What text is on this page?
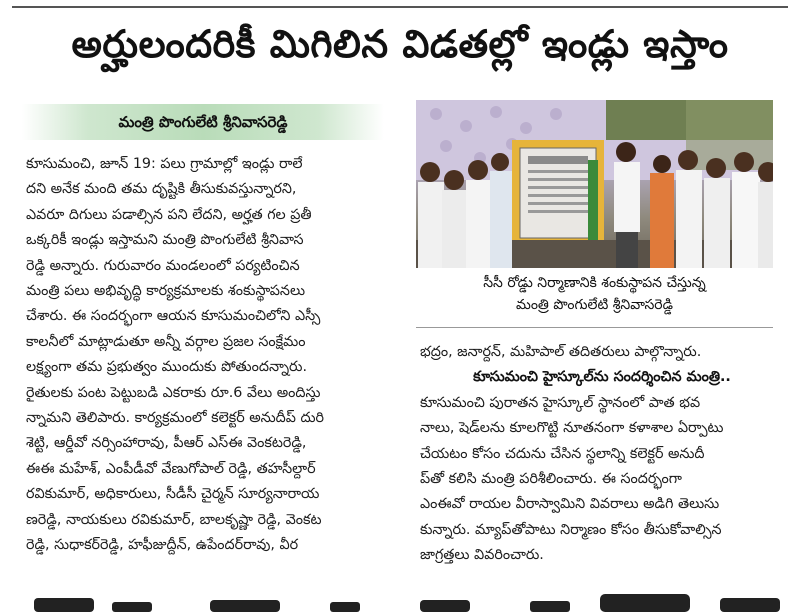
అర్హులందరికీ మిగిలిన విడతల్లో ఇండ్లు ఇస్తాం
మంత్రి పొంగులేటి శ్రీనివాసరెడ్డి

కూసుమంచి, జూన్ 19: పలు గ్రామాల్లో ఇండ్లు రాలే

దని అనేక మంది తమ దృష్టికి తీసుకువస్తున్నారని,

ఎవరూ దిగులు పడాల్సిన పని లేదని, అర్హత గల ప్రతీ

ఒక్కరికీ ఇండ్లు ఇస్తామని మంత్రి పొంగులేటి శ్రీనివాస

రెడ్డి అన్నారు. గురువారం మండలంలో పర్యటించిన

మంత్రి పలు అభివృద్ధి కార్యక్రమాలకు శంకుస్థాపనలు

చేశారు. ఈ సందర్భంగా ఆయన కూసుమంచిలోని ఎస్సీ

కాలనీలో మాట్లాడుతూ అన్నీ వర్గాల ప్రజల సంక్షేమం

లక్ష్యంగా తమ ప్రభుత్వం ముందుకు పోతుందన్నారు.

రైతులకు పంట పెట్టుబడి ఎకరాకు రూ.6 వేలు అందిస్తు

న్నామని తెలిపారు. కార్యక్రమంలో కలెక్టర్ అనుదీప్ దురి

శెట్టి, ఆర్డీవో నర్సింహారావు, పీఆర్ ఎస్ఈ వెంకటరెడ్డి,

ఈఈ మహేశ్, ఎంపీడీవో వేణుగోపాల్ రెడ్డి, తహసీల్దార్

రవికుమార్, అధికారులు, సీడీసీ చైర్మన్ సూర్యనారాయ

ణరెడ్డి, నాయకులు రవికుమార్, బాలకృష్ణా రెడ్డి, వెంకట

రెడ్డి, సుధాకర్‌రెడ్డి, హఫీజుద్దీన్, ఉపేందర్‌రావు, వీర

సీసీ రోడ్డు నిర్మాణానికి శంకుస్థాపన చేస్తున్న

మంత్రి పొంగులేటి శ్రీనివాసరెడ్డి

భద్రం, జనార్దన్, మహిపాల్ తదితరులు పాల్గొన్నారు.

కూసుమంచి హైస్కూల్‌ను సందర్శించిన మంత్రి..

కూసుమంచి పురాతన హైస్కూల్ స్థానంలో పాత భవ

నాలు, షెడ్‌లను కూలగొట్టి నూతనంగా కళాశాల ఏర్పాటు

చేయటం కోసం చదును చేసిన స్థలాన్ని కలెక్టర్ అనుదీ

ప్‌తో కలిసి మంత్రి పరిశీలించారు. ఈ సందర్భంగా

ఎంఈవో రాయల వీరాస్వామిని వివరాలు అడిగి తెలుసు

కున్నారు. మ్యాప్‌తోపాటు నిర్మాణం కోసం తీసుకోవాల్సిన

జాగ్రత్తలు వివరించారు.
